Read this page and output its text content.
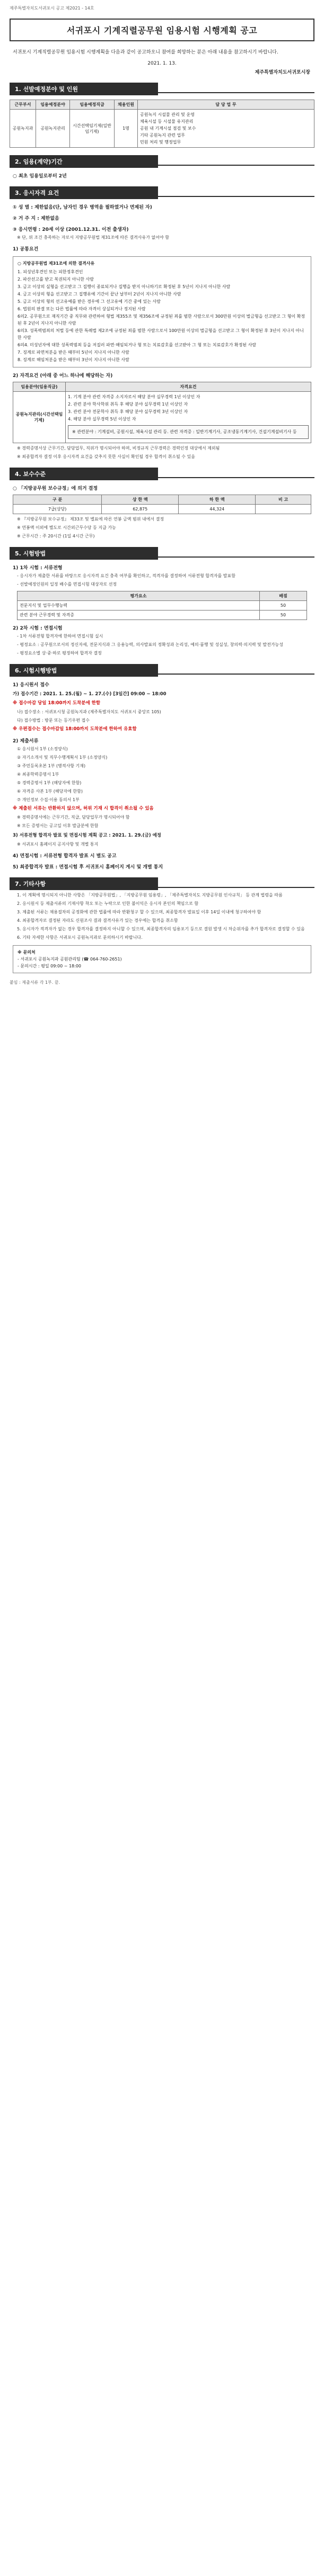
제주특별자치도서귀포시 공고 제2021 - 14호
서귀포시 기계직렬공무원 임용시험 시행계획 공고
서귀포시 기계직렬공무원 임용시험 시행계획을 다음과 같이 공고하오니 참여를 희망하는 분은 아래 내용을 참고하시기 바랍니다.
2021. 1. 13.
제주특별자치도서귀포시장
1. 선발예정분야 및 인원
근무부서	임용예정분야	임용예정직급	채용인원	담 당 업 무
공원녹지과	공원녹지관리	시간선택임기제(일반임기제)	1명	공원녹지 시설물 관리 및 운영
체육시설 등 시설물 유지관리
공원 내 기계시설 점검 및 보수
기타 공원녹지 관련 업무
민원 처리 및 행정업무
2. 임용(계약)기간
○ 최초 임용일로부터 2년
3. 응시자격 요건
① 성 별 : 제한없음(단, 남자인 경우 병역을 필하였거나 면제된 자)
② 거 주 지 : 제한없음
③ 응시연령 : 20세 이상 (2001.12.31. 이전 출생자)
※ 단, 위 조건 충족하는 자로서 지방공무원법 제31조에 따른 결격사유가 없어야 함
1) 공통요건
○ 지방공무원법 제31조에 의한 결격사유
1. 피성년후견인 또는 피한정후견인
2. 파산선고를 받고 복권되지 아니한 사람
3. 금고 이상의 실형을 선고받고 그 집행이 종료되거나 집행을 받지 아니하기로 확정된 후 5년이 지나지 아니한 사람
4. 금고 이상의 형을 선고받고 그 집행유예 기간이 끝난 날부터 2년이 지나지 아니한 사람
5. 금고 이상의 형의 선고유예를 받은 경우에 그 선고유예 기간 중에 있는 사람
6. 법원의 판결 또는 다른 법률에 따라 자격이 상실되거나 정지된 사람
6의2. 공무원으로 재직기간 중 직무와 관련하여 형법 제355조 및 제356조에 규정된 죄를 범한 사람으로서 300만원 이상의 벌금형을 선고받고 그 형이 확정된 후 2년이 지나지 아니한 사람
6의3. 성폭력범죄의 처벌 등에 관한 특례법 제2조에 규정된 죄를 범한 사람으로서 100만원 이상의 벌금형을 선고받고 그 형이 확정된 후 3년이 지나지 아니한 사람
6의4. 미성년자에 대한 성폭력범죄 등을 저질러 파면·해임되거나 형 또는 치료감호를 선고받아 그 형 또는 치료감호가 확정된 사람
7. 징계로 파면처분을 받은 때부터 5년이 지나지 아니한 사람
8. 징계로 해임처분을 받은 때부터 3년이 지나지 아니한 사람
2) 자격요건 (아래 중 어느 하나에 해당하는 자)
임용분야(임용직급)	자격요건
공원녹지관리(시간선택임기제)	1. 기계 분야 관련 자격증 소지자로서 해당 분야 실무경력 1년 이상인 자
2. 관련 분야 학사학위 취득 후 해당 분야 실무경력 1년 이상인 자
3. 관련 분야 전문학사 취득 후 해당 분야 실무경력 3년 이상인 자
4. 해당 분야 실무경력 5년 이상인 자
※ 관련분야 : 기계설비, 공원시설, 체육시설 관리 등. 관련 자격증 : 일반기계기사, 공조냉동기계기사, 건설기계설비기사 등
※ 경력증명서상 근무기간, 담당업무, 직위가 명시되어야 하며, 비정규직 근무경력은 경력인정 대상에서 제외됨
※ 최종합격자 결정 이후 응시자격 요건을 갖추지 못한 사실이 확인될 경우 합격이 취소될 수 있음
4. 보수수준
○ 「지방공무원 보수규정」에 의거 결정
구 분	상 한 액	하 한 액	비 고
7급(상당)	62,875	44,324	
※ 『지방공무원 보수규정』 제33조 및 별표에 따른 연봉 금액 범위 내에서 결정
※ 연봉액 이외에 별도로 시간외근무수당 등 지급 가능
※ 근무시간 : 주 20시간 (1일 4시간 근무)
5. 시험방법
1) 1차 시험 : 서류전형
- 응시자가 제출한 서류를 바탕으로 응시자격 요건 충족 여부를 확인하고, 적격자를 결정하여 서류전형 합격자를 발표함
- 선발예정인원의 일정 배수를 면접시험 대상자로 선정
평가요소	배점
전문지식 및 업무수행능력	50
관련 분야 근무경력 및 자격증	50
2) 2차 시험 : 면접시험
- 1차 서류전형 합격자에 한하여 면접시험 실시
- 평정요소 : 공무원으로서의 정신자세, 전문지식과 그 응용능력, 의사발표의 정확성과 논리성, 예의·품행 및 성실성, 창의력·의지력 및 발전가능성
- 평정요소별 상·중·하로 평정하여 합격자 결정
6. 시험시행방법
1) 응시원서 접수
가) 접수기간 : 2021. 1. 25.(월) ~ 1. 27.(수) [3일간] 09:00 ~ 18:00
※ 접수마감 당일 18:00까지 도착분에 한함
나) 접수장소 : 서귀포시청 공원녹지과 (제주특별자치도 서귀포시 중앙로 105)
다) 접수방법 : 방문 또는 등기우편 접수
※ 우편접수는 접수마감일 18:00까지 도착분에 한하여 유효함
2) 제출서류
① 응시원서 1부 (소정양식)
② 자기소개서 및 직무수행계획서 1부 (소정양식)
③ 주민등록초본 1부 (병적사항 기재)
④ 최종학력증명서 1부
⑤ 경력증명서 1부 (해당자에 한함)
⑥ 자격증 사본 1부 (해당자에 한함)
⑦ 개인정보 수집·이용 동의서 1부
※ 제출된 서류는 반환하지 않으며, 허위 기재 시 합격이 취소될 수 있음
※ 경력증명서에는 근무기간, 직급, 담당업무가 명시되어야 함
※ 모든 증명서는 공고일 이후 발급분에 한함
3) 서류전형 합격자 발표 및 면접시험 계획 공고 : 2021. 1. 29.(금) 예정
※ 서귀포시 홈페이지 공지사항 및 개별 통지
4) 면접시험 : 서류전형 합격자 발표 시 별도 공고
5) 최종합격자 발표 : 면접시험 후 서귀포시 홈페이지 게시 및 개별 통지
7. 기타사항
1. 이 계획에 명시되지 아니한 사항은 「지방공무원법」, 「지방공무원 임용령」, 「제주특별자치도 지방공무원 인사규칙」 등 관계 법령을 따름
2. 응시원서 등 제출서류의 기재사항 착오 또는 누락으로 인한 불이익은 응시자 본인의 책임으로 함
3. 제출된 서류는 채용절차의 공정화에 관한 법률에 따라 반환청구 할 수 있으며, 최종합격자 발표일 이후 14일 이내에 청구하여야 함
4. 최종합격자로 결정된 자라도 신원조사 결과 결격사유가 있는 경우에는 합격을 취소함
5. 응시자가 적격자가 없는 경우 합격자를 결정하지 아니할 수 있으며, 최종합격자의 임용포기 등으로 결원 발생 시 차순위자를 추가 합격자로 결정할 수 있음
6. 기타 자세한 사항은 서귀포시 공원녹지과로 문의하시기 바랍니다.
※ 문의처
- 서귀포시 공원녹지과 공원관리팀 (☎ 064-760-2651)
- 문의시간 : 평일 09:00 ~ 18:00
붙임 : 제출서류 각 1부. 끝.
